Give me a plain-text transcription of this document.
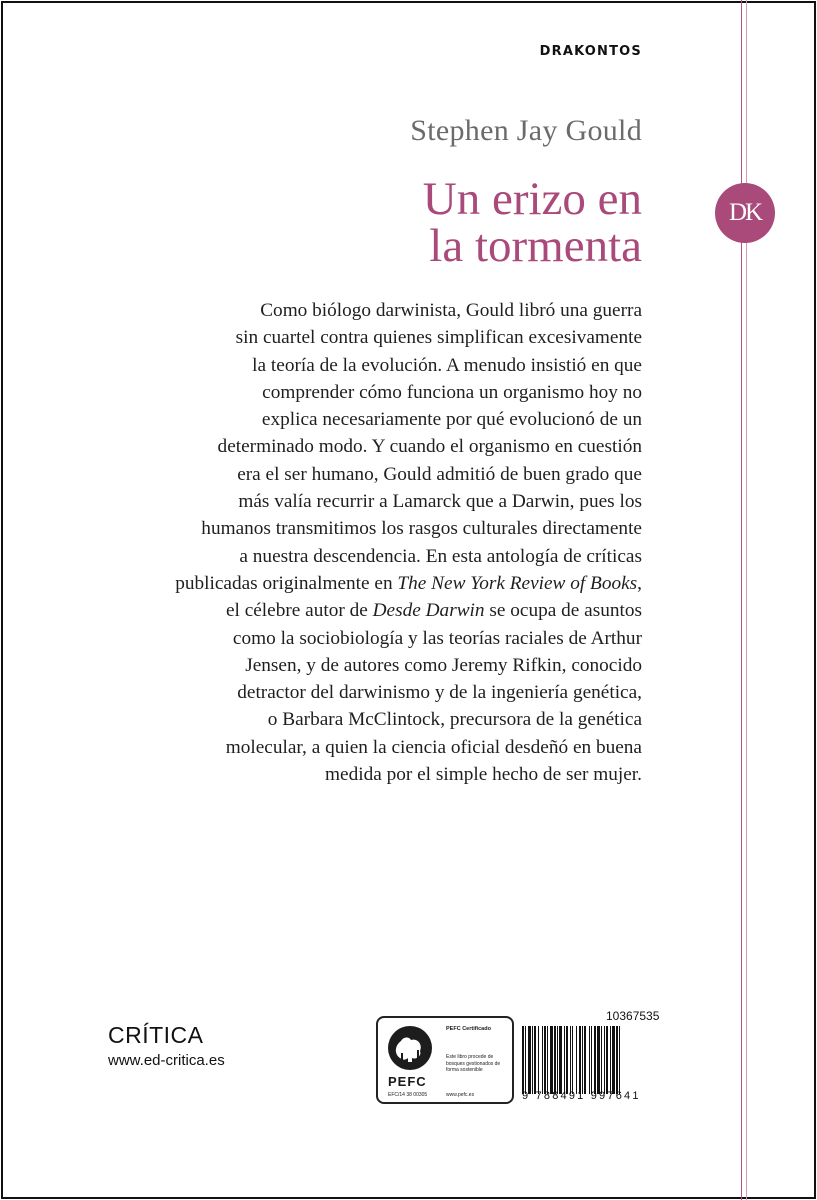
DRAKONTOS
Stephen Jay Gould
Un erizo en
la tormenta
DK
Como biólogo darwinista, Gould libró una guerra
sin cuartel contra quienes simplifican excesivamente
la teoría de la evolución. A menudo insistió en que
comprender cómo funciona un organismo hoy no
explica necesariamente por qué evolucionó de un
determinado modo. Y cuando el organismo en cuestión
era el ser humano, Gould admitió de buen grado que
más valía recurrir a Lamarck que a Darwin, pues los
humanos transmitimos los rasgos culturales directamente
a nuestra descendencia. En esta antología de críticas
publicadas originalmente en The New York Review of Books,
el célebre autor de Desde Darwin se ocupa de asuntos
como la sociobiología y las teorías raciales de Arthur
Jensen, y de autores como Jeremy Rifkin, conocido
detractor del darwinismo y de la ingeniería genética,
o Barbara McClintock, precursora de la genética
molecular, a quien la ciencia oficial desdeñó en buena
medida por el simple hecho de ser mujer.
CRÍTICA
www.ed-critica.es
PEFC
EFC/14 38 00305
PEFC Certificado
Este libro procede de bosques gestionados de forma sostenible
www.pefc.es
10367535
9 788491 997641
